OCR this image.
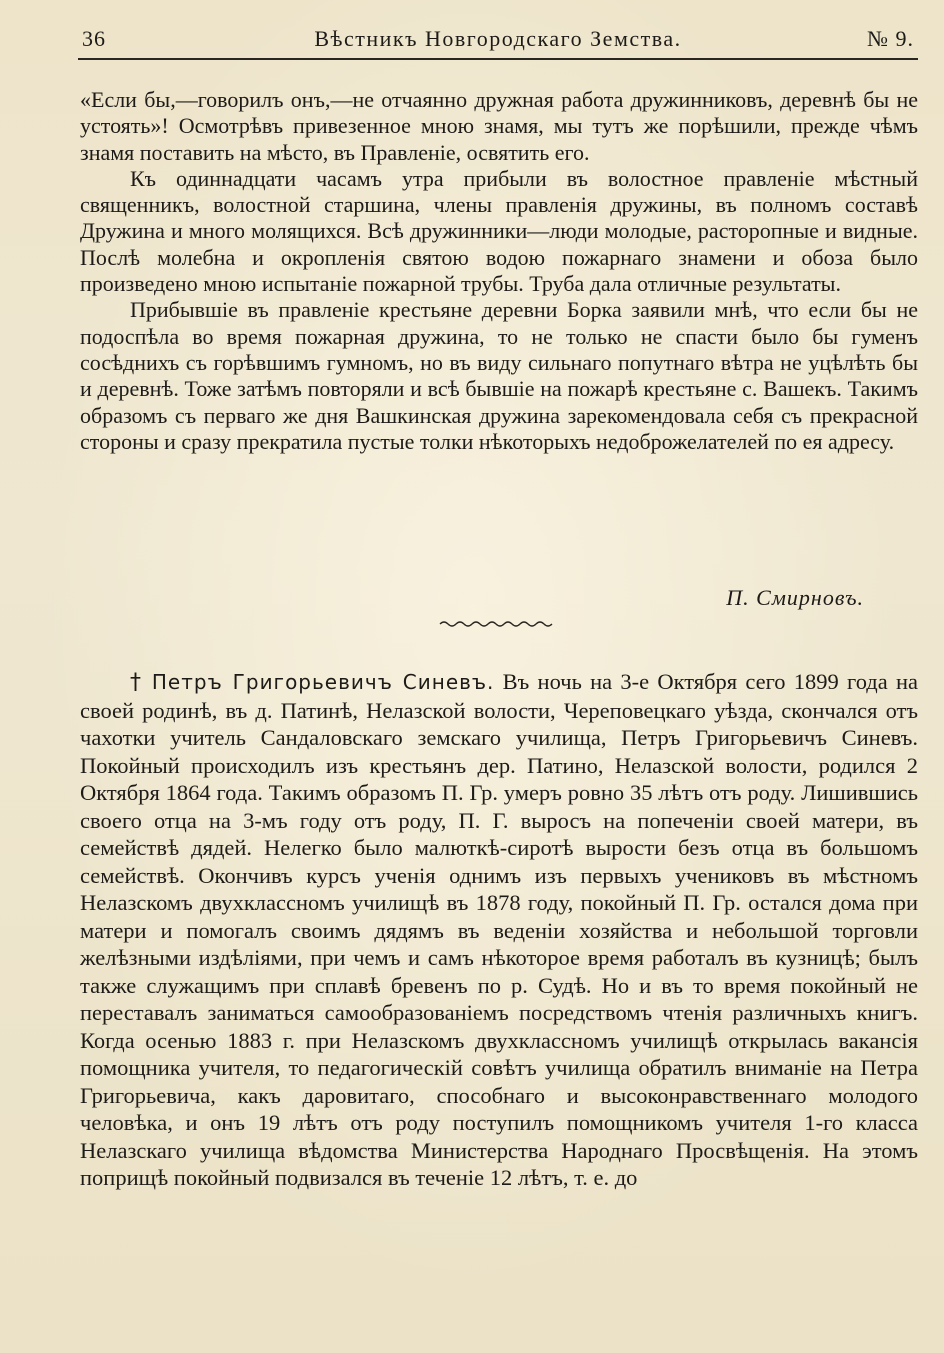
36	Вѣстникъ Новгородскаго Земства.	№ 9.

«Если бы,—говорилъ онъ,—не отчаянно дружная работа дружинниковъ, деревнѣ бы не устоять»! Осмотрѣвъ привезенное мною знамя, мы тутъ же порѣшили, прежде чѣмъ знамя поставить на мѣсто, въ Правленіе, освятить его.

Къ одиннадцати часамъ утра прибыли въ волостное правленіе мѣстный священникъ, волостной старшина, члены правленія дружины, въ полномъ составѣ Дружина и много молящихся. Всѣ дружинники—люди молодые, расторопные и видные. Послѣ молебна и окропленія святою водою пожарнаго знамени и обоза было произведено мною испытаніе пожарной трубы. Труба дала отличные результаты.

Прибывшіе въ правленіе крестьяне деревни Борка заявили мнѣ, что если бы не подоспѣла во время пожарная дружина, то не только не спасти было бы гуменъ сосѣднихъ съ горѣвшимъ гумномъ, но въ виду сильнаго попутнаго вѣтра не уцѣлѣть бы и деревнѣ. Тоже затѣмъ повторяли и всѣ бывшіе на пожарѣ крестьяне с. Вашекъ. Такимъ образомъ съ перваго же дня Вашкинская дружина зарекомендовала себя съ прекрасной стороны и сразу прекратила пустые толки нѣкоторыхъ недоброжелателей по ея адресу.

П. Смирновъ.

† Петръ Григорьевичъ Синевъ. Въ ночь на 3-е Октября сего 1899 года на своей родинѣ, въ д. Патинѣ, Нелазской волости, Череповецкаго уѣзда, скончался отъ чахотки учитель Сандаловскаго земскаго училища, Петръ Григорьевичъ Синевъ. Покойный происходилъ изъ крестьянъ дер. Патино, Нелазской волости, родился 2 Октября 1864 года. Такимъ образомъ П. Гр. умеръ ровно 35 лѣтъ отъ роду. Лишившись своего отца на 3-мъ году отъ роду, П. Г. выросъ на попеченіи своей матери, въ семействѣ дядей. Нелегко было малюткѣ-сиротѣ вырости безъ отца въ большомъ семействѣ. Окончивъ курсъ ученія однимъ изъ первыхъ учениковъ въ мѣстномъ Нелазскомъ двухклассномъ училищѣ въ 1878 году, покойный П. Гр. остался дома при матери и помогалъ своимъ дядямъ въ веденіи хозяйства и небольшой торговли желѣзными издѣліями, при чемъ и самъ нѣкоторое время работалъ въ кузницѣ; былъ также служащимъ при сплавѣ бревенъ по р. Судѣ. Но и въ то время покойный не переставалъ заниматься самообразованіемъ посредствомъ чтенія различныхъ книгъ. Когда осенью 1883 г. при Нелазскомъ двухклассномъ училищѣ открылась вакансія помощника учителя, то педагогическій совѣтъ училища обратилъ вниманіе на Петра Григорьевича, какъ даровитаго, способнаго и высоконравственнаго молодого человѣка, и онъ 19 лѣтъ отъ роду поступилъ помощникомъ учителя 1-го класса Нелазскаго училища вѣдомства Министерства Народнаго Просвѣщенія. На этомъ поприщѣ покойный подвизался въ теченіе 12 лѣтъ, т. е. до
